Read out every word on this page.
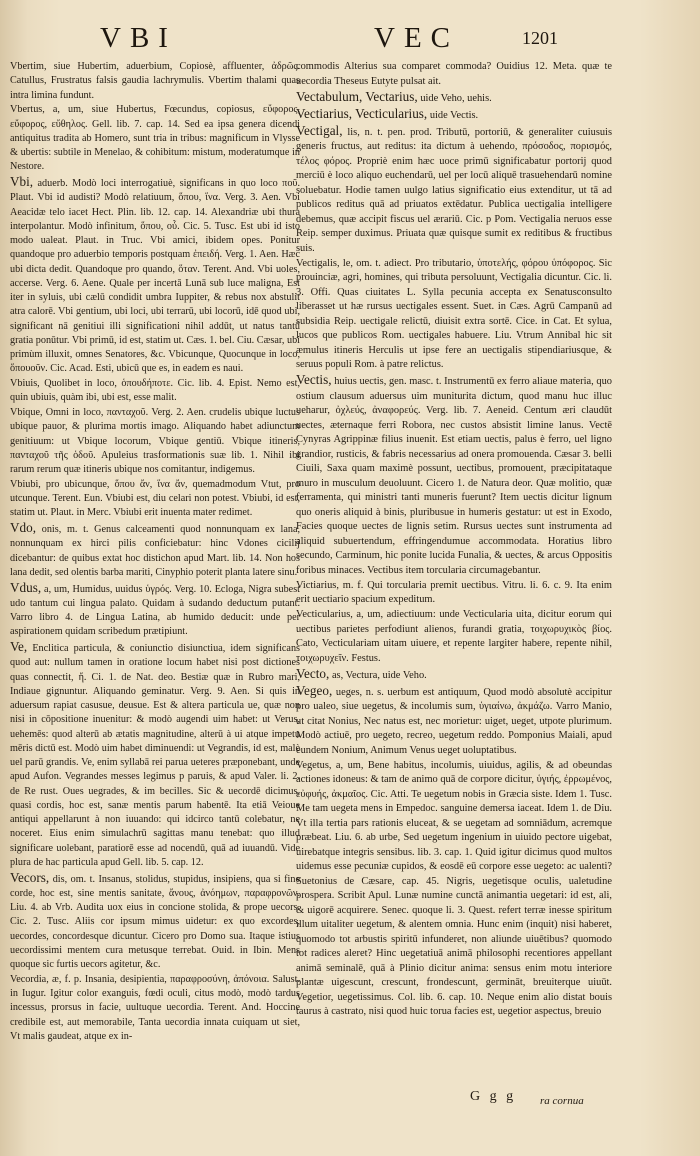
VBI	VEC	1201

Vbertim, siue Hubertim, aduerbium, Copiosè, affluenter, ἀδρῶς. Catullus, Frustratus falsis gaudia lachrymulis. Vbertim thalami quas intra limina fundunt.

Vbertus, a, um, siue Hubertus, Fœcundus, copiosus, εὔφορος, εὔφορος, εὔθηλος. Gell. lib. 7. cap. 14. Sed ea ipsa genera dicendi antiquitus tradita ab Homero, sunt tria in tribus: magnificum in Vlysse & ubertis: subtile in Menelao, & cohibitum: mistum, moderatumque in Nestore.

Vbi, aduerb. Modò loci interrogatiuè, significans in quo loco ποῦ. Plaut. Vbi id audisti? Modò relatiuum, ὅπου, ἵνα. Verg. 3. Aen. Vbi Aeacidæ telo iacet Hect. Plin. lib. 12. cap. 14. Alexandriæ ubi thura interpolantur. Modò infinitum, ὅπου, οὗ. Cic. 5. Tusc. Est ubi id isto modo ualeat. Plaut. in Truc. Vbi amici, ibidem opes. Ponitur quandoque pro aduerbio temporis postquam ἐπειδή. Verg. 1. Aen. Hæc ubi dicta dedit. Quandoque pro quando, ὅταν. Terent. And. Vbi uoles, accerse. Verg. 6. Aene. Quale per incertā Lunā sub luce maligna, Est iter in syluis, ubi cælū condidit umbra Iuppiter, & rebus nox abstulit atra calorē. Vbi gentium, ubi loci, ubi terrarū, ubi locorū, idē quod ubi, significant nā genitiui illi significationi nihil addūt, ut natus tantū gratia ponūtur. Vbi primū, id est, statim ut. Cæs. 1. bel. Ciu. Cæsar, ubi primùm illuxit, omnes Senatores, &c. Vbicunque, Quocunque in loco, ὅπουοῦν. Cic. Acad. Esti, ubicū que es, in eadem es naui.

Vbiuis, Quolibet in loco, ὁπουδήποτε. Cic. lib. 4. Epist. Nemo est, quin ubiuis, quàm ibi, ubi est, esse malit.

Vbique, Omni in loco, πανταχοῦ. Verg. 2. Aen. crudelis ubique luctus ubique pauor, & plurima mortis imago. Aliquando habet adiunctum genitiuum: ut Vbique locorum, Vbique gentiū. Vbique itineris, πανταχοῦ τῆς ὁδοῦ. Apuleius trasformationis suæ lib. 1. Nihil ibi rarum rerum quæ itineris ubique nos comitantur, indigemus.

Vbiubi, pro ubicunque, ὅπου ἄν, ἵνα ἄν, quemadmodum Vtut, pro utcunque. Terent. Eun. Vbiubi est, diu celari non potest. Vbiubi, id est, statim ut. Plaut. in Merc. Vbiubi erit inuenta mater redimet.

Vdo, onis, m. t. Genus calceamenti quod nonnunquam ex lana, nonnunquam ex hirci pilis conficiebatur: hinc Vdones cicilij dicebantur: de quibus extat hoc distichon apud Mart. lib. 14. Non hos lana dedit, sed olentis barba mariti, Cinyphio poterit planta latere sinu.

Vdus, a, um, Humidus, uuidus ὑγρός. Verg. 10. Ecloga, Nigra subest udo tantum cui lingua palato. Quidam à sudando deductum putant. Varro libro 4. de Lingua Latina, ab humido deducit: unde per aspirationem quidam scribedum prætipiunt.

Ve, Enclitica particula, & coniunctio disiunctiua, idem significans quod aut: nullum tamen in oratione locum habet nisi post dictiones quas connectit, ἤ. Ci. 1. de Nat. deo. Bestiæ quæ in Rubro mari, Indiaue gignuntur. Aliquando geminatur. Verg. 9. Aen. Si quis in aduersum rapiat casusue, deusue. Est & altera particula ue, quæ non nisi in cōpositione inuenitur: & modò augendi uim habet: ut Verus, uehemēs: quod alterū ab ætatis magnitudine, alterū à ui atque impetu mēris dictū est. Modò uim habet diminuendi: ut Vegrandis, id est, malè uel parū grandis. Ve, enim syllabā rei parua ueteres præponebant, unde apud Aufon. Vegrandes messes legimus p paruis, & apud Valer. li. 2. de Re rust. Oues uegrades, & im becilles. Sic & uecordē dicimus, quasi cordis, hoc est, sanæ mentis parum habentē. Ita etiā Veioue antiqui appellarunt à non iuuando: qui idcirco tantū colebatur, ne noceret. Eius enim simulachrū sagittas manu tenebat: quo illud significare uolebant, paratiorē esse ad nocendū, quā ad iuuandū. Vide plura de hac particula apud Gell. lib. 5. cap. 12.

Vecors, dis, om. t. Insanus, stolidus, stupidus, insipiens, qua si fine corde, hoc est, sine mentis sanitate, ἄνους, ἀνόημων, παραφρονῶν. Liu. 4. ab Vrb. Audita uox eius in concione stolida, & prope uecors. Cic. 2. Tusc. Aliis cor ipsum mimus uidetur: ex quo excordes, uecordes, concordesque dicuntur. Cicero pro Domo sua. Itaque istius uecordissimi mentem cura metusque terrebat. Ouid. in Ibin. Mens quoque sic furtis uecors agitetur, &c.

Vecordia, æ, f. p. Insania, desipientia, παραφροσύνη, ἀπόνοια. Salust. in Iugur. Igitur color exanguis, fœdi oculi, citus modò, modò tardus incessus, prorsus in facie, uultuque uecordia. Terent. And. Hoccine credibile est, aut memorabile, Tanta uecordia innata cuiquam ut siet, Vt malis gaudeat, atque ex in-

commodis Alterius sua comparet commoda? Ouidius 12. Meta. quæ te uecordia Theseus Eutyte pulsat ait.

Vectabulum, Vectarius, uide Veho, uehis.

Vectiarius, Vecticularius, uide Vectis.

Vectigal, lis, n. t. pen. prod. Tributū, portoriū, & generaliter cuiusuis generis fructus, aut reditus: ita dictum à uehendo, πρόσοδος, πορισμός, τέλος φόρος. Propriè enim hæc uoce primū significabatur portorij quod merciū è loco aliquo euchendarū, uel per locū aliquē trasuehendarū nomine soluebatur. Hodie tamen uulgo latius significatio eius extenditur, ut tā ad publicos reditus quā ad priuatos extēdatur. Publica uectigalia intelligere debemus, quæ accipit fiscus uel ærariū. Cic. p Pom. Vectigalia neruos esse Reip. semper duximus. Priuata quæ quisque sumit ex reditibus & fructibus suis.

Vectigalis, le, om. t. adiect. Pro tributario, ὑποτελής, φόρου ὑπόφορος. Sic prouinciæ, agri, homines, qui tributa persoluunt, Vectigalia dicuntur. Cic. li. 3. Offi. Quas ciuitates L. Sylla pecunia accepta ex Senatusconsulto liberasset ut hæ rursus uectigales essent. Suet. in Cæs. Agrū Campanū ad subsidia Reip. uectigale relictū, diuisit extra sortē. Cice. in Cat. Et sylua, lucos que publicos Rom. uectigales habuere. Liu. Vtrum Annibal hic sit æmulus itineris Herculis ut ipse fere an uectigalis stipendiariusque, & seruus populi Rom. à patre relictus.

Vectis, huius uectis, gen. masc. t. Instrumentū ex ferro aliaue materia, quo ostium clausum aduersus uim muniturita dictum, quod manu huc illuc ueharur, ὀχλεύς, ἀναφορεύς. Verg. lib. 7. Aeneid. Centum æri claudūt uectes, æternaque ferri Robora, nec custos absistit limine lanus. Vectē Cynyras Agrippinæ filius inuenit. Est etiam uectis, palus è ferro, uel ligno grandior, rusticis, & fabris necessarius ad onera promouenda. Cæsar 3. belli Ciuili, Saxa quam maximè possunt, uectibus, promouent, præcipitataque muro in musculum deuoluunt. Cicero 1. de Natura deor. Quæ molitio, quæ ferramenta, qui ministri tanti muneris fuerunt? Item uectis dicitur lignum quo oneris aliquid à binis, pluribusue in humeris gestatur: ut est in Exodo, Facies quoque uectes de lignis setim. Rursus uectes sunt instrumenta ad aliquid subuertendum, effringendumue accommodata. Horatius libro secundo, Carminum, hic ponite lucida Funalia, & uectes, & arcus Oppositis foribus minaces. Vectibus item torcularia circumagebantur.

Victiarius, m. f. Qui torcularia premit uectibus. Vitru. li. 6. c. 9. Ita enim erit uectiario spacium expeditum.

Vecticularius, a, um, adiectiuum: unde Vecticularia uita, dicitur eorum qui uectibus parietes perfodiunt alienos, furandi gratia, τοιχωρυχικὸς βίος. Cato, Vecticulariam uitam uiuere, et repente largiter habere, repente nihil, τοιχωρυχεῖν. Festus.

Vecto, as, Vectura, uide Veho.

Vegeo, ueges, n. s. uerbum est antiquum, Quod modò absolutè accipitur pro ualeo, siue uegetus, & incolumis sum, ὑγιαίνω, ἀκμάζω. Varro Manio, ut citat Nonius, Nec natus est, nec morietur: uiget, ueget, utpote plurimum. Modò actiuē, pro uegeto, recreo, uegetum reddo. Pomponius Maiali, apud eundem Nonium, Animum Venus ueget uoluptatibus.

Vegetus, a, um, Bene habitus, incolumis, uiuidus, agilis, & ad obeundas actiones idoneus: & tam de animo quā de corpore dicitur, ὑγιής, ἐρρωμένος, εὐφυής, ἀκμαῖος. Cic. Atti. Te uegetum nobis in Græcia siste. Idem 1. Tusc. Me tam uegeta mens in Empedoc. sanguine demersa iaceat. Idem 1. de Diu. Vt illa tertia pars rationis eluceat, & se uegetam ad somniādum, acremque præbeat. Liu. 6. ab urbe, Sed uegetum ingenium in uiuido pectore uigebat, uirebatque integris sensibus. lib. 3. cap. 1. Quid igitur dicimus quod multos uidemus esse pecuniæ cupidos, & eosdē eū corpore esse uegeto: ac ualenti? Suetonius de Cæsare, cap. 45. Nigris, uegetisque oculis, ualetudine prospera. Scribit Apul. Lunæ numine cunctā animantia uegetari: id est, ali, & uigorē acquirere. Senec. quoque li. 3. Quest. refert terræ inesse spiritum illum uitaliter uegetum, & alentem omnia. Hunc enim (inquit) nisi haberet, quomodo tot arbustis spiritū infunderet, non aliunde uiuētibus? quomodo tot radices aleret? Hinc uegetatiuā animā philosophi recentiores appellant animā seminalē, quā à Plinio dicitur anima: sensus enim motu interiore plantæ uigescunt, crescunt, frondescunt, germināt, breuiterque uiuūt. Vegetior, uegetissimus. Col. lib. 6. cap. 10. Neque enim alio distat bouis taurus à castrato, nisi quod huic torua facies est, uegetior aspectus, breuio

G g g ra cornua
